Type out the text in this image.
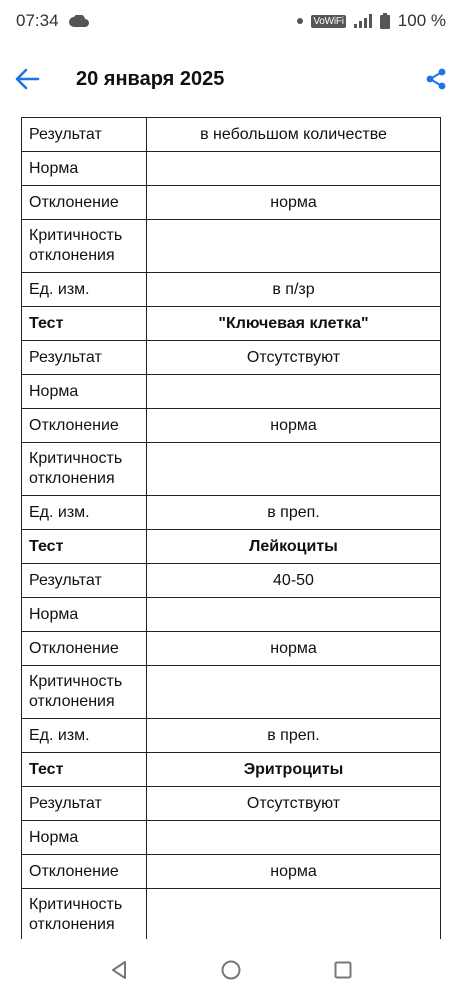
07:34	VoWiFi	100 %
20 января 2025
Результат	в небольшом количестве
Норма	
Отклонение	норма
Критичность отклонения	
Ед. изм.	в п/зр
Тест	"Ключевая клетка"
Результат	Отсутствуют
Норма	
Отклонение	норма
Критичность отклонения	
Ед. изм.	в преп.
Тест	Лейкоциты
Результат	40-50
Норма	
Отклонение	норма
Критичность отклонения	
Ед. изм.	в преп.
Тест	Эритроциты
Результат	Отсутствуют
Норма	
Отклонение	норма
Критичность отклонения	
